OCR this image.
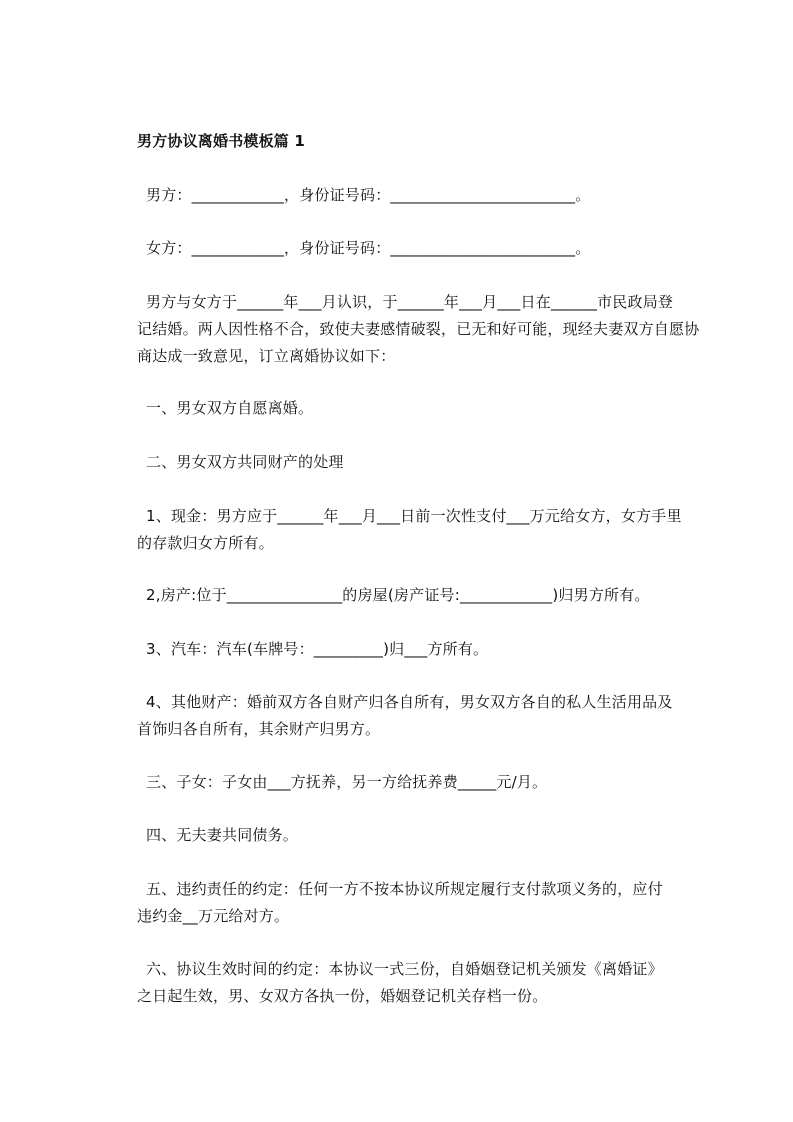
男方协议离婚书模板篇 1
男方：____________，身份证号码：________________________。
女方：____________，身份证号码：________________________。
男方与女方于______年___月认识，于______年___月___日在______市民政局登
记结婚。两人因性格不合，致使夫妻感情破裂，已无和好可能，现经夫妻双方自愿协
商达成一致意见，订立离婚协议如下：
一、男女双方自愿离婚。
二、男女双方共同财产的处理
1、现金：男方应于______年___月___日前一次性支付___万元给女方，女方手里
的存款归女方所有。
2,房产:位于_______________的房屋(房产证号:____________)归男方所有。
3、汽车：汽车(车牌号：_________)归___方所有。
4、其他财产：婚前双方各自财产归各自所有，男女双方各自的私人生活用品及
首饰归各自所有，其余财产归男方。
三、子女：子女由___方抚养，另一方给抚养费_____元/月。
四、无夫妻共同债务。
五、违约责任的约定：任何一方不按本协议所规定履行支付款项义务的，应付
违约金__万元给对方。
六、协议生效时间的约定：本协议一式三份，自婚姻登记机关颁发《离婚证》
之日起生效，男、女双方各执一份，婚姻登记机关存档一份。
